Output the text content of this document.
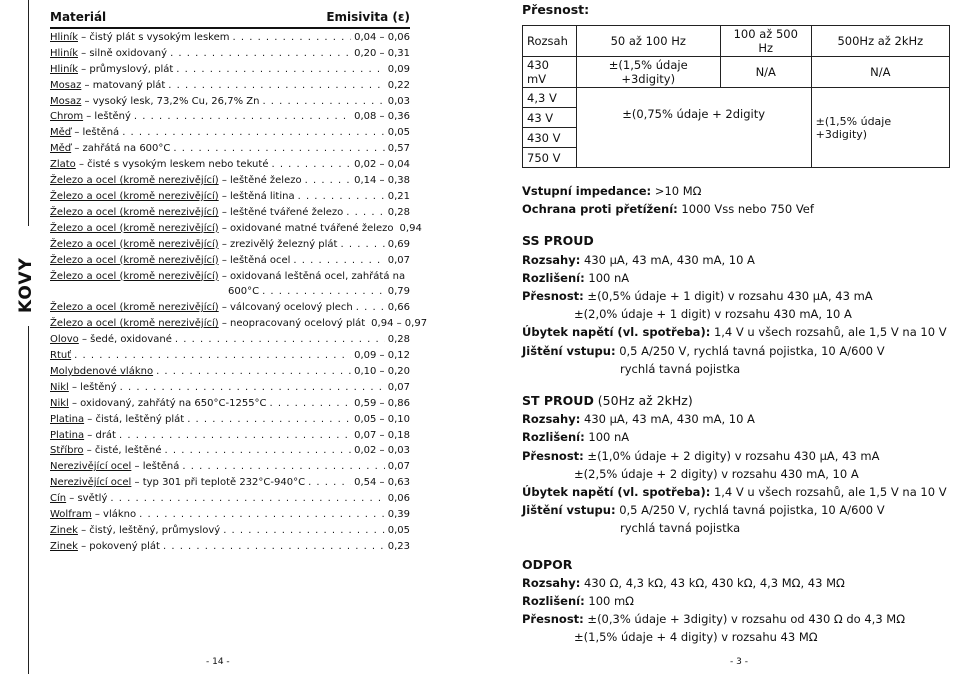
KOVY
Materiál	Emisivita (ε)
Hliník – čistý plát s vysokým leskem . . .	0,04 – 0,06
Hliník – silně oxidovaný . . .	0,20 – 0,31
Hliník – průmyslový, plát . . .	0,09
Mosaz – matovaný plát . . .	0,22
Mosaz – vysoký lesk, 73,2% Cu, 26,7% Zn . . .	0,03
Chrom – leštěný . . .	0,08 – 0,36
Měď – leštěná . . .	0,05
Měď – zahřátá na 600°C . . .	0,57
Zlato – čisté s vysokým leskem nebo tekuté . . .	0,02 – 0,04
Železo a ocel (kromě nerezivějící) – leštěné železo . . .	0,14 – 0,38
Železo a ocel (kromě nerezivějící) – leštěná litina . . .	0,21
Železo a ocel (kromě nerezivějící) – leštěné tvářené železo . . .	0,28
Železo a ocel (kromě nerezivějící) – oxidované matné tvářené železo 0,94
Železo a ocel (kromě nerezivějící) – zrezivělý železný plát . . .	0,69
Železo a ocel (kromě nerezivějící) – leštěná ocel . . .	0,07
Železo a ocel (kromě nerezivějící) – oxidovaná leštěná ocel, zahřátá na
600°C . . .	0,79
Železo a ocel (kromě nerezivějící) – válcovaný ocelový plech . . .	0,66
Železo a ocel (kromě nerezivějící) – neopracovaný ocelový plát 0,94 – 0,97
Olovo – šedé, oxidované . . .	0,28
Rtuť . . .	0,09 – 0,12
Molybdenové vlákno . . .	0,10 – 0,20
Nikl – leštěný . . .	0,07
Nikl – oxidovaný, zahřátý na 650°C-1255°C . . .	0,59 – 0,86
Platina – čistá, leštěný plát . . .	0,05 – 0,10
Platina – drát . . .	0,07 – 0,18
Stříbro – čisté, leštěné . . .	0,02 – 0,03
Nerezivějící ocel – leštěná . . .	0,07
Nerezivějící ocel – typ 301 při teplotě 232°C-940°C . . .	0,54 – 0,63
Cín – světlý . . .	0,06
Wolfram – vlákno . . .	0,39
Zinek – čistý, leštěný, průmyslový . . .	0,05
Zinek – pokovený plát . . .	0,23
Přesnost:
Rozsah	50 až 100 Hz	100 až 500 Hz	500Hz až 2kHz
430 mV	±(1,5% údaje +3digity)	N/A	N/A
4,3 V	±(0,75% údaje + 2digity		±(1,5% údaje +3digity)
43 V			
430 V			
750 V			

Vstupní impedance: >10 MΩ

Ochrana proti přetížení: 1000 Vss nebo 750 Vef

SS PROUD

Rozsahy: 430 µA, 43 mA, 430 mA, 10 A

Rozlišení: 100 nA

Přesnost: ±(0,5% údaje + 1 digit) v rozsahu 430 µA, 43 mA

±(2,0% údaje + 1 digit) v rozsahu 430 mA, 10 A

Úbytek napětí (vl. spotřeba): 1,4 V u všech rozsahů, ale 1,5 V na 10 V

Jištění vstupu: 0,5 A/250 V, rychlá tavná pojistka, 10 A/600 V

rychlá tavná pojistka

ST PROUD (50Hz až 2kHz)

Rozsahy: 430 µA, 43 mA, 430 mA, 10 A

Rozlišení: 100 nA

Přesnost: ±(1,0% údaje + 2 digity) v rozsahu 430 µA, 43 mA

±(2,5% údaje + 2 digity) v rozsahu 430 mA, 10 A

Úbytek napětí (vl. spotřeba): 1,4 V u všech rozsahů, ale 1,5 V na 10 V

Jištění vstupu: 0,5 A/250 V, rychlá tavná pojistka, 10 A/600 V

rychlá tavná pojistka

ODPOR

Rozsahy: 430 Ω, 4,3 kΩ, 43 kΩ, 430 kΩ, 4,3 MΩ, 43 MΩ

Rozlišení: 100 mΩ

Přesnost: ±(0,3% údaje + 3digity) v rozsahu od 430 Ω do 4,3 MΩ

±(1,5% údaje + 4 digity) v rozsahu 43 MΩ

- 14 -	- 3 -
